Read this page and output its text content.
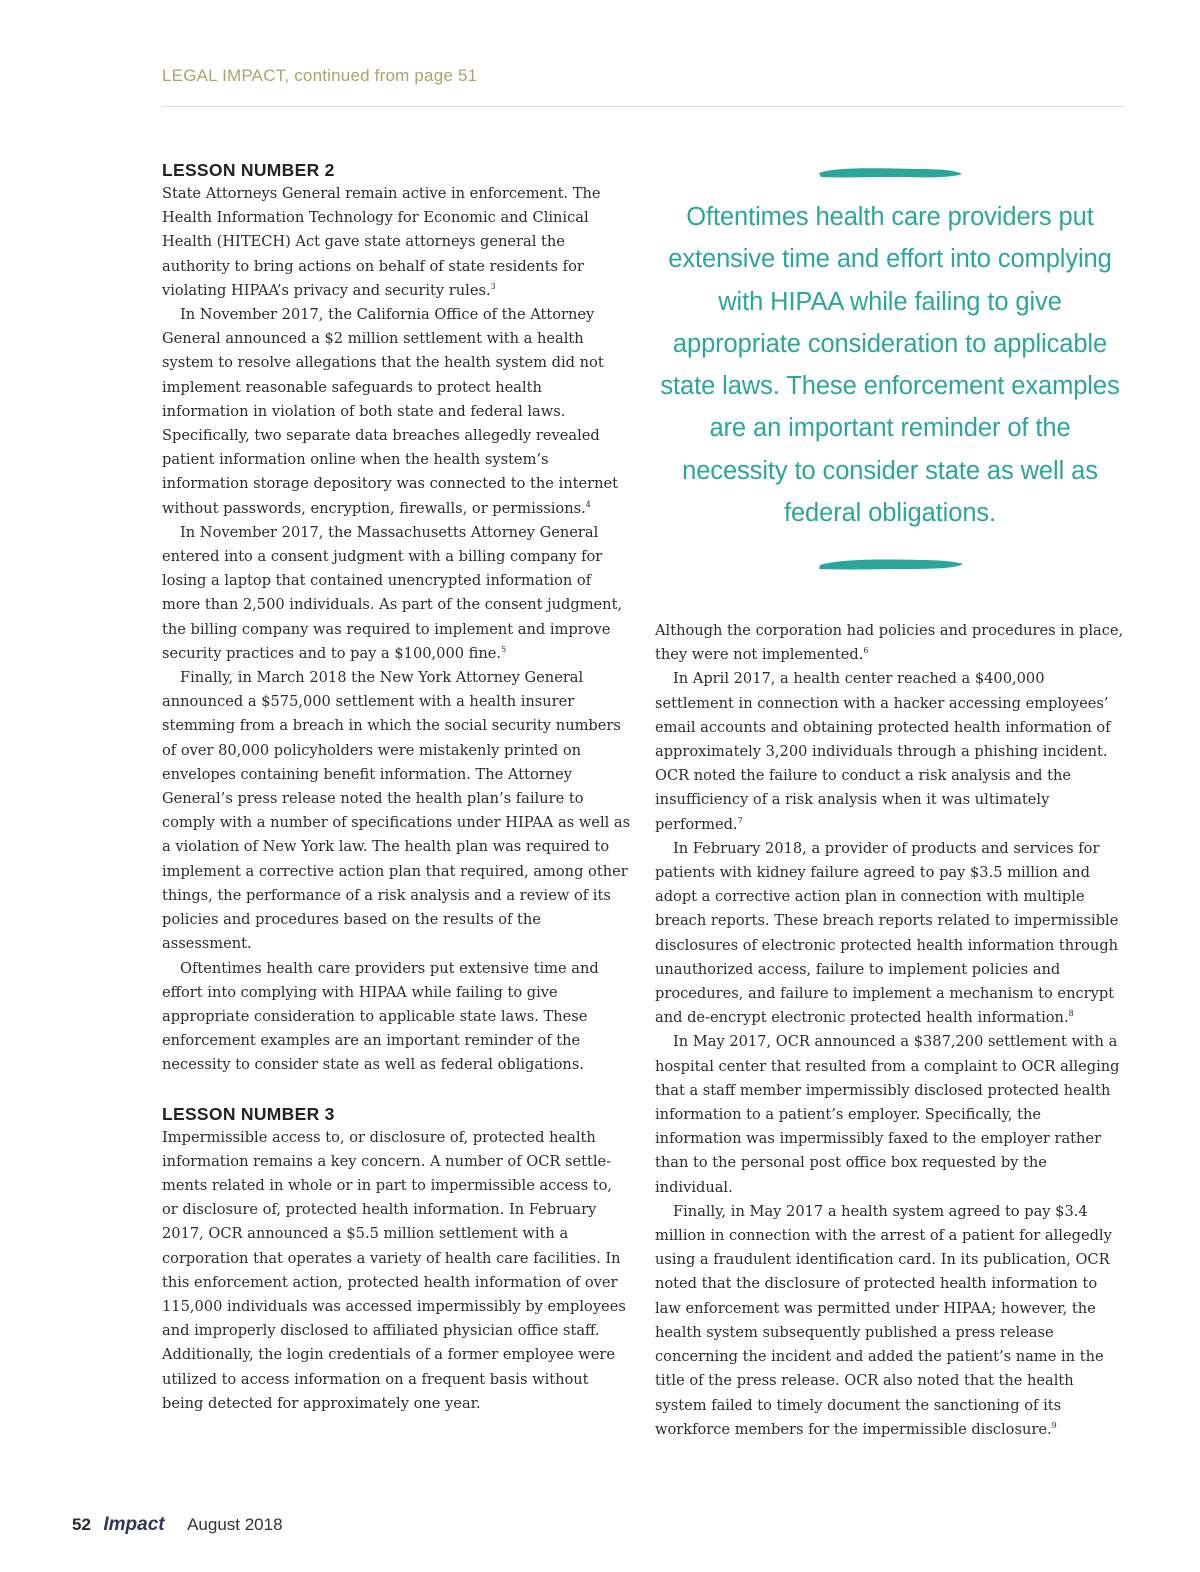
LEGAL IMPACT, continued from page 51
LESSON NUMBER 2

State Attorneys General remain active in enforcement. The Health Information Technology for Economic and Clinical Health (HITECH) Act gave state attorneys general the authority to bring actions on behalf of state residents for violating HIPAA’s privacy and security rules.$^3$

In November 2017, the California Office of the Attorney General announced a $2 million settlement with a health system to resolve allegations that the health system did not implement reasonable safeguards to protect health information in violation of both state and federal laws. Specifically, two separate data breaches allegedly revealed patient information online when the health system’s information storage depository was connected to the internet without passwords, encryption, firewalls, or permissions.$^4$

In November 2017, the Massachusetts Attorney General entered into a consent judgment with a billing company for losing a laptop that contained unencrypted information of more than 2,500 individuals. As part of the consent judgment, the billing company was required to implement and improve security practices and to pay a $100,000 fine.$^5$

Finally, in March 2018 the New York Attorney General announced a $575,000 settlement with a health insurer stemming from a breach in which the social security numbers of over 80,000 policyholders were mistakenly printed on envelopes containing benefit information. The Attorney General’s press release noted the health plan’s failure to comply with a number of specifications under HIPAA as well as a violation of New York law. The health plan was required to implement a corrective action plan that required, among other things, the performance of a risk analysis and a review of its policies and procedures based on the results of the assessment.

Oftentimes health care providers put extensive time and effort into complying with HIPAA while failing to give appropriate consideration to applicable state laws. These enforcement examples are an important reminder of the necessity to consider state as well as federal obligations.

LESSON NUMBER 3

Impermissible access to, or disclosure of, protected health information remains a key concern. A number of OCR settle-ments related in whole or in part to impermissible access to, or disclosure of, protected health information. In February 2017, OCR announced a $5.5 million settlement with a corporation that operates a variety of health care facilities. In this enforcement action, protected health information of over 115,000 individuals was accessed impermissibly by employees and improperly disclosed to affiliated physician office staff. Additionally, the login credentials of a former employee were utilized to access information on a frequent basis without being detected for approximately one year.

Oftentimes health care providers put extensive time and effort into complying with HIPAA while failing to give appropriate consideration to applicable state laws. These enforcement examples are an important reminder of the necessity to consider state as well as federal obligations.

Although the corporation had policies and procedures in place, they were not implemented.$^6$

In April 2017, a health center reached a $400,000 settlement in connection with a hacker accessing employees’ email accounts and obtaining protected health information of approximately 3,200 individuals through a phishing incident. OCR noted the failure to conduct a risk analysis and the insufficiency of a risk analysis when it was ultimately performed.$^7$

In February 2018, a provider of products and services for patients with kidney failure agreed to pay $3.5 million and adopt a corrective action plan in connection with multiple breach reports. These breach reports related to impermissible disclosures of electronic protected health information through unauthorized access, failure to implement policies and procedures, and failure to implement a mechanism to encrypt and de-encrypt electronic protected health information.$^8$

In May 2017, OCR announced a $387,200 settlement with a hospital center that resulted from a complaint to OCR alleging that a staff member impermissibly disclosed protected health information to a patient’s employer. Specifically, the information was impermissibly faxed to the employer rather than to the personal post office box requested by the individual.

Finally, in May 2017 a health system agreed to pay $3.4 million in connection with the arrest of a patient for allegedly using a fraudulent identification card. In its publication, OCR noted that the disclosure of protected health information to law enforcement was permitted under HIPAA; however, the health system subsequently published a press release concerning the incident and added the patient’s name in the title of the press release. OCR also noted that the health system failed to timely document the sanctioning of its workforce members for the impermissible disclosure.$^9$

52 Impact August 2018
